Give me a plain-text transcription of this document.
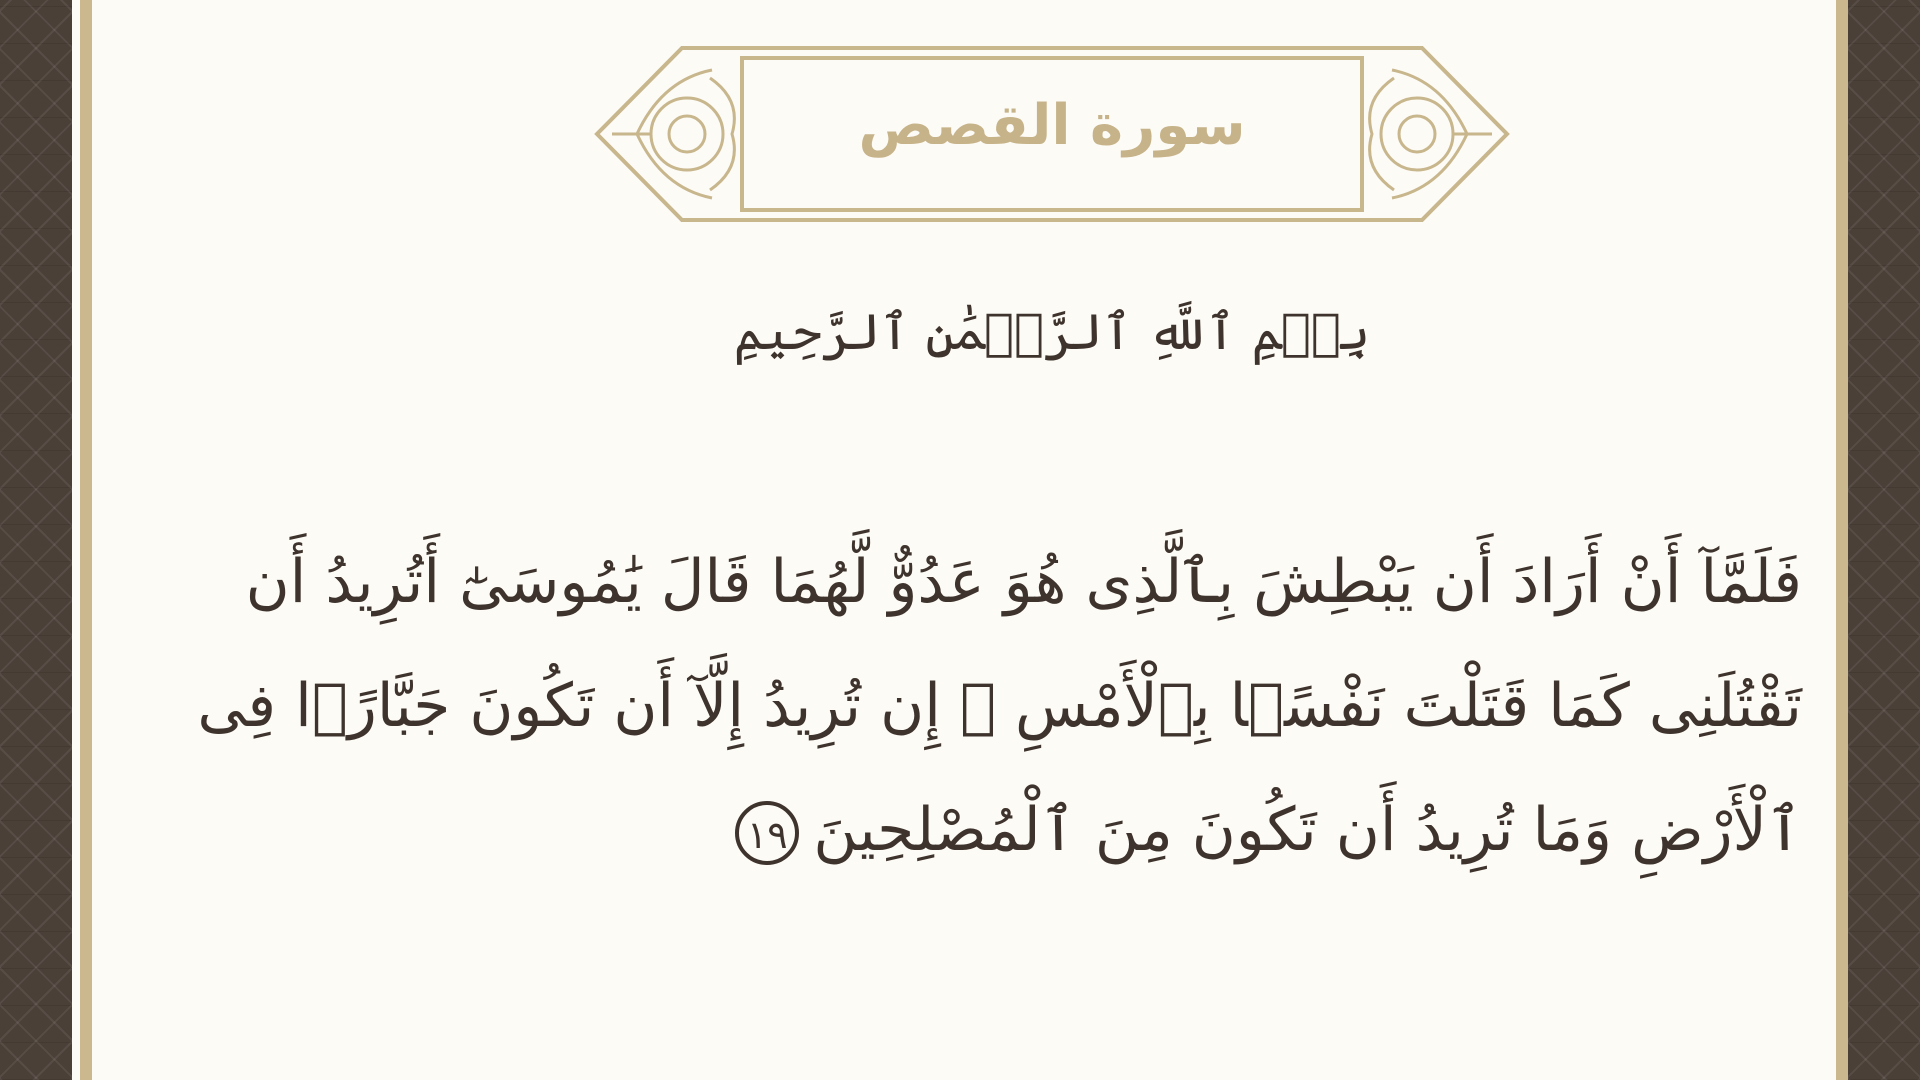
سورة القصص
بِسۡمِ ٱللَّهِ ٱلرَّحۡمَٰنِ ٱلرَّحِيمِ
فَلَمَّآ أَنْ أَرَادَ أَن يَبْطِشَ بِٱلَّذِى هُوَ عَدُوٌّ لَّهُمَا قَالَ يَٰمُوسَىٰٓ أَتُرِيدُ أَن
تَقْتُلَنِى كَمَا قَتَلْتَ نَفْسًۢا بِٱلْأَمْسِ ۖ إِن تُرِيدُ إِلَّآ أَن تَكُونَ جَبَّارًۭا فِى
ٱلْأَرْضِ وَمَا تُرِيدُ أَن تَكُونَ مِنَ ٱلْمُصْلِحِينَ١٩
